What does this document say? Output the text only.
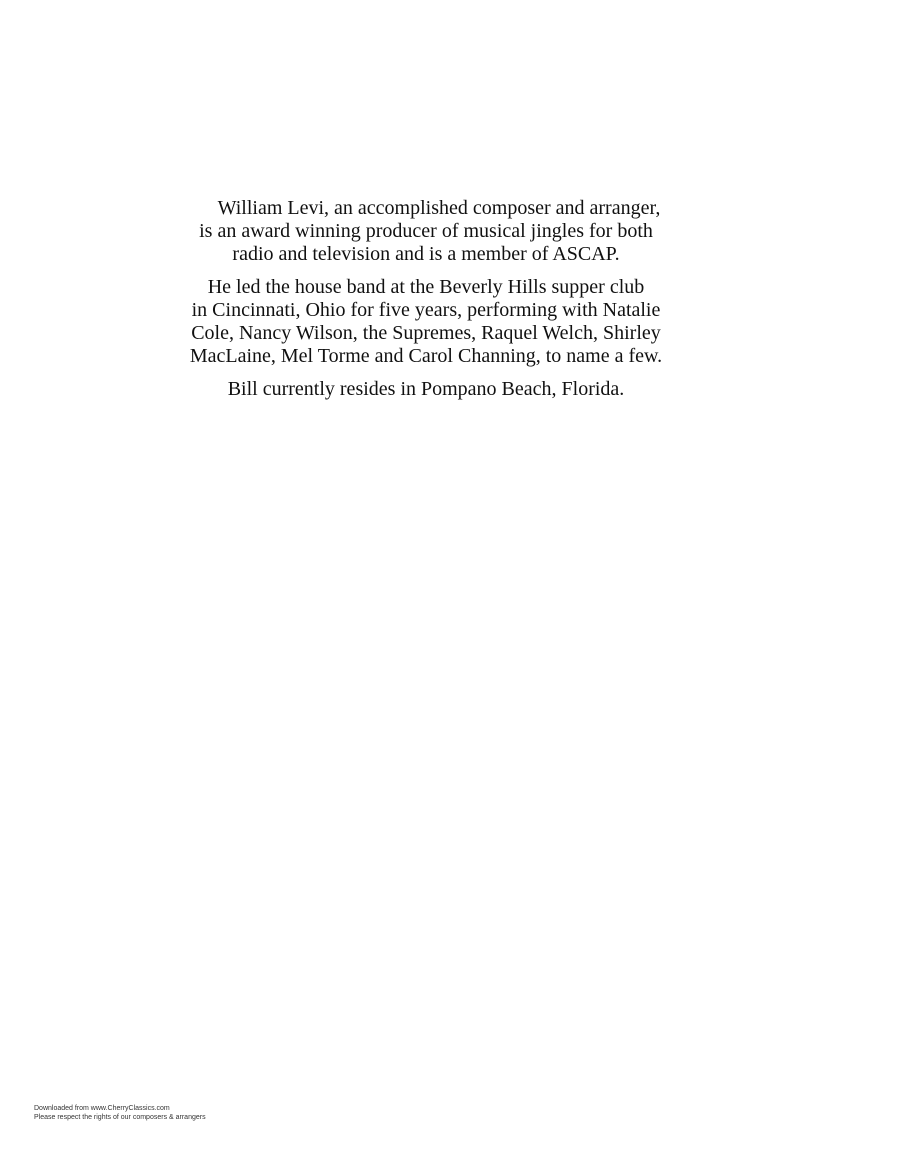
William Levi, an accomplished composer and arranger,
is an award winning producer of musical jingles for both
radio and television and is a member of ASCAP.

He led the house band at the Beverly Hills supper club
in Cincinnati, Ohio for five years, performing with Natalie
Cole, Nancy Wilson, the Supremes, Raquel Welch, Shirley
MacLaine, Mel Torme and Carol Channing, to name a few.

Bill currently resides in Pompano Beach, Florida.

Downloaded from www.CherryClassics.com
Please respect the rights of our composers & arrangers
